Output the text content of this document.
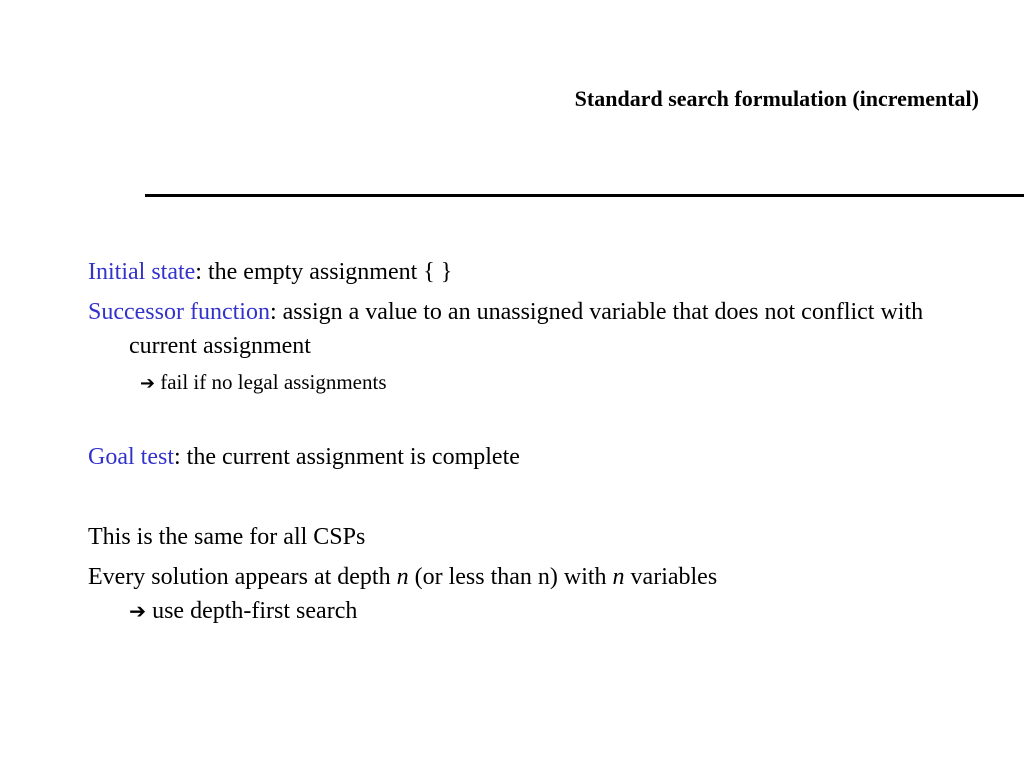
Standard search formulation (incremental)

Initial state: the empty assignment { }

Successor function: assign a value to an unassigned variable that does not conflict with current assignment

➔ fail if no legal assignments

Goal test: the current assignment is complete

This is the same for all CSPs

Every solution appears at depth n (or less than n) with n variables

➔ use depth-first search
